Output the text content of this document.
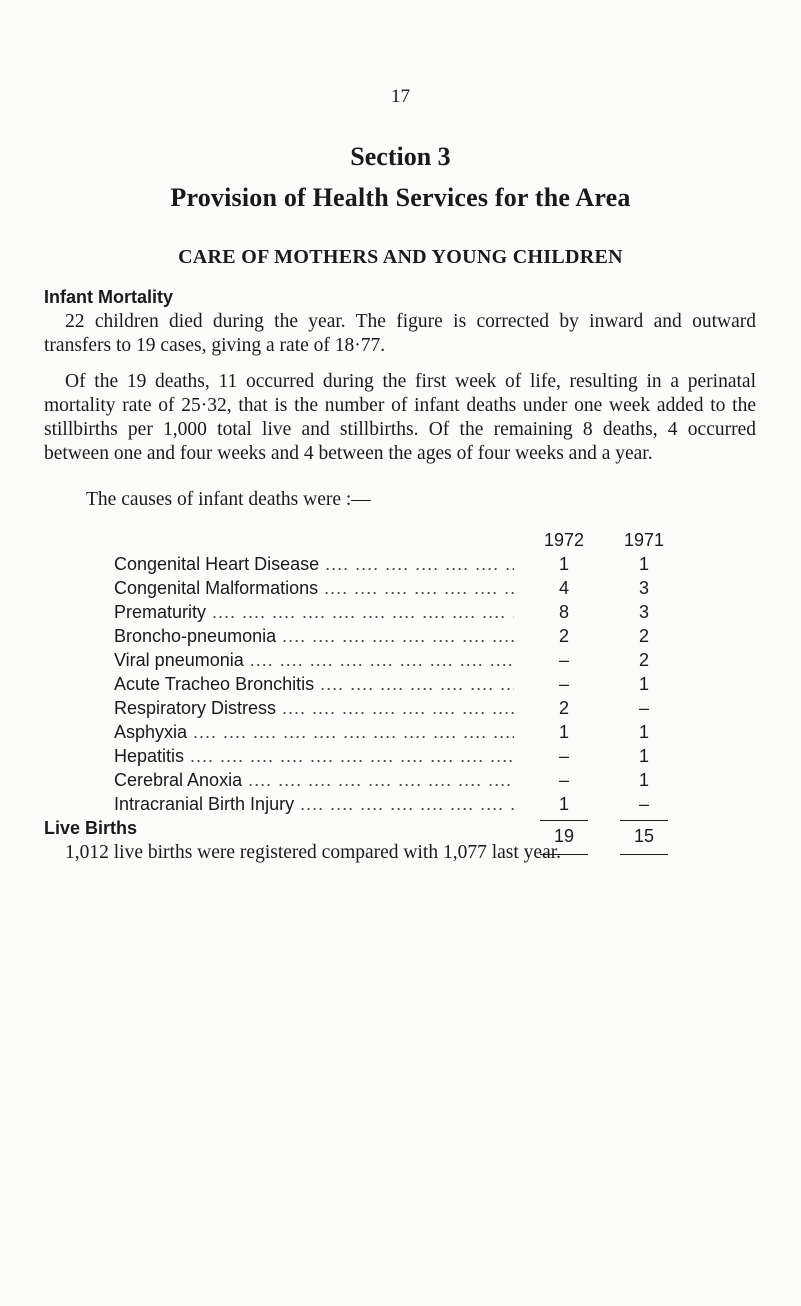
17
Section 3
Provision of Health Services for the Area
CARE OF MOTHERS AND YOUNG CHILDREN
Infant Mortality

22 children died during the year. The figure is corrected by inward and outward transfers to 19 cases, giving a rate of 18·77.

Of the 19 deaths, 11 occurred during the first week of life, resulting in a perinatal mortality rate of 25·32, that is the number of infant deaths under one week added to the stillbirths per 1,000 total live and stillbirths. Of the remaining 8 deaths, 4 occurred between one and four weeks and 4 between the ages of four weeks and a year.

The causes of infant deaths were :—
1972	1971
Congenital Heart Disease ....	1	1
Congenital Malformations ....	4	3
Prematurity ....	8	3
Broncho-pneumonia ....	2	2
Viral pneumonia ....	–	2
Acute Tracheo Bronchitis ....	–	1
Respiratory Distress ....	2	–
Asphyxia ....	1	1
Hepatitis ....	–	1
Cerebral Anoxia ....	–	1
Intracranial Birth Injury ....	1	–
19	15
Live Births

1,012 live births were registered compared with 1,077 last year.
